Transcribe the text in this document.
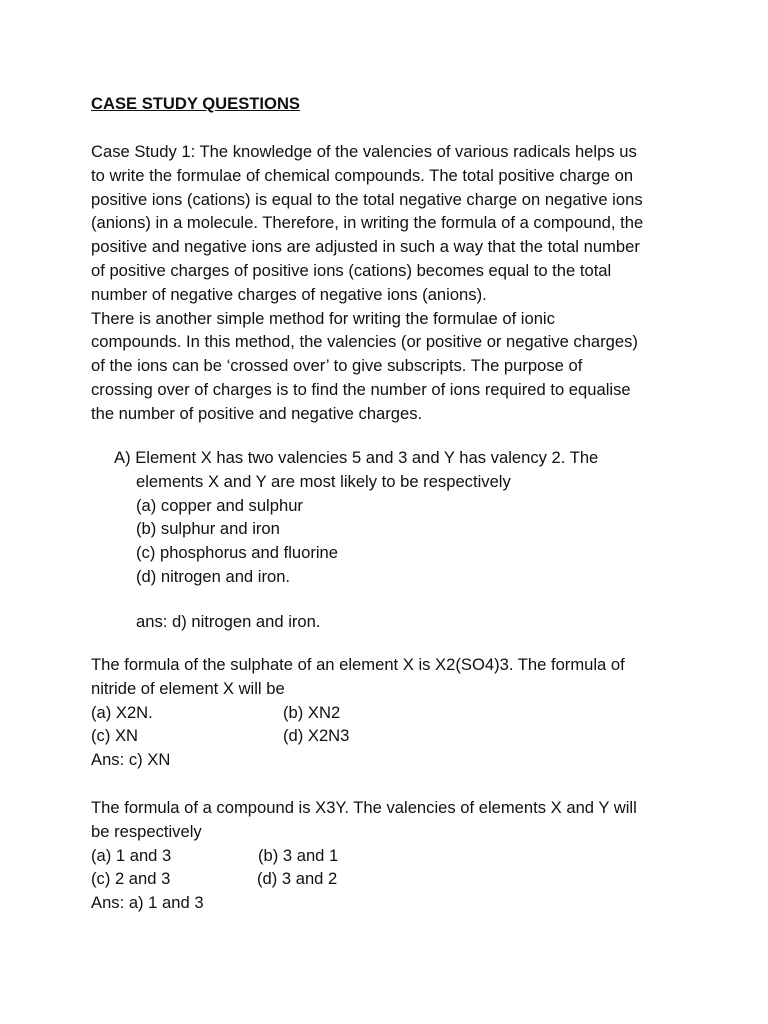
CASE STUDY QUESTIONS
Case Study 1: The knowledge of the valencies of various radicals helps us
to write the formulae of chemical compounds. The total positive charge on
positive ions (cations) is equal to the total negative charge on negative ions
(anions) in a molecule. Therefore, in writing the formula of a compound, the
positive and negative ions are adjusted in such a way that the total number
of positive charges of positive ions (cations) becomes equal to the total
number of negative charges of negative ions (anions).
There is another simple method for writing the formulae of ionic
compounds. In this method, the valencies (or positive or negative charges)
of the ions can be ‘crossed over’ to give subscripts. The purpose of
crossing over of charges is to find the number of ions required to equalise
the number of positive and negative charges.
A) Element X has two valencies 5 and 3 and Y has valency 2. The
elements X and Y are most likely to be respectively
(a) copper and sulphur
(b) sulphur and iron
(c) phosphorus and fluorine
(d) nitrogen and iron.
ans: d) nitrogen and iron.
The formula of the sulphate of an element X is X2(SO4)3. The formula of
nitride of element X will be
(a) X2N.	(b) XN2
(c) XN	(d) X2N3
Ans: c) XN
The formula of a compound is X3Y. The valencies of elements X and Y will
be respectively
(a) 1 and 3	(b) 3 and 1
(c) 2 and 3	(d) 3 and 2
Ans: a) 1 and 3
